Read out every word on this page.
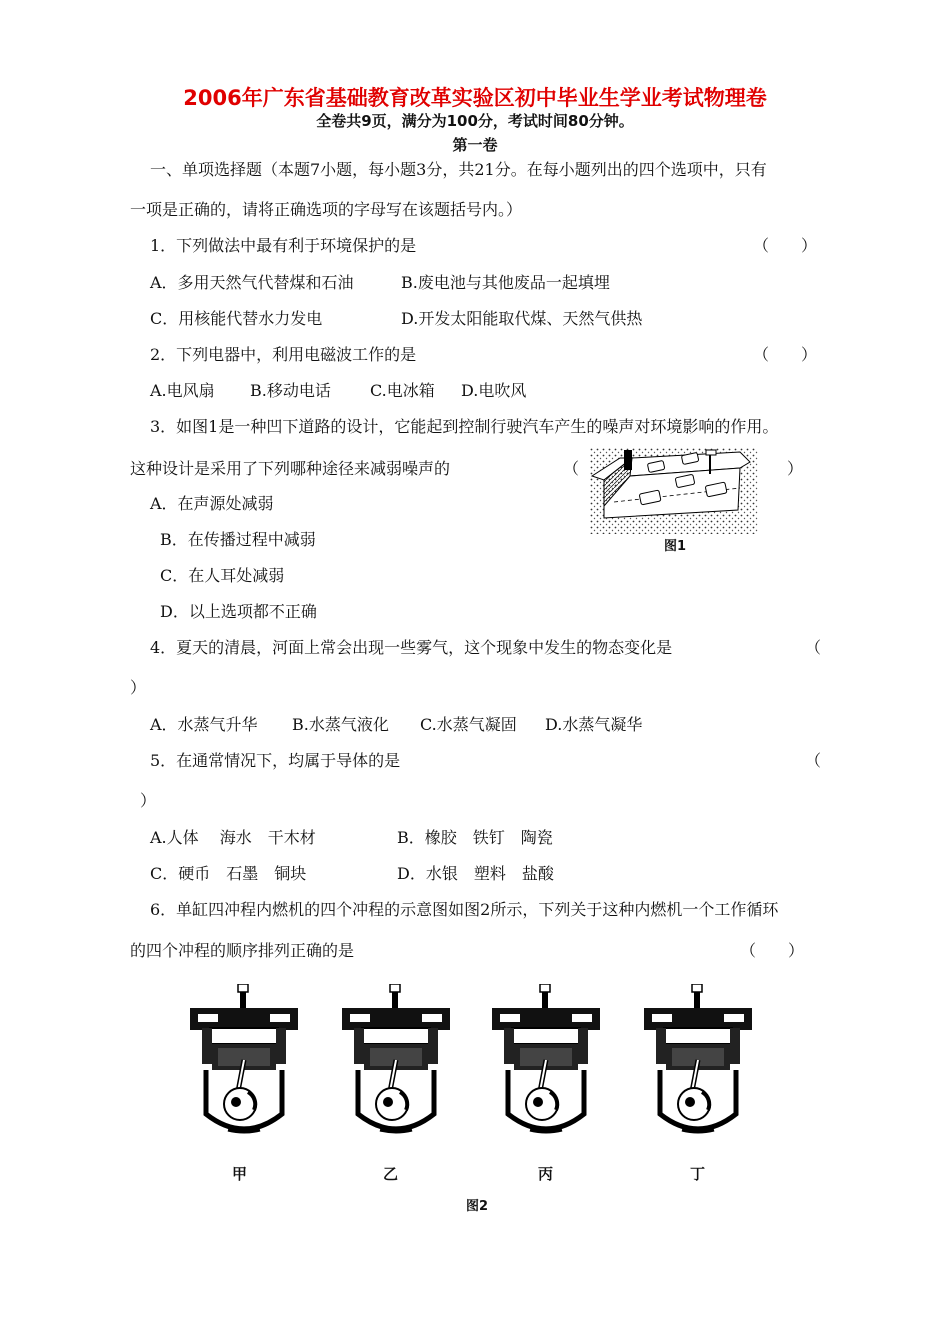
2006年广东省基础教育改革实验区初中毕业生学业考试物理卷
全卷共9页，满分为100分，考试时间80分钟。
第一卷
一、单项选择题（本题7小题，每小题3分，共21分。在每小题列出的四个选项中，只有
一项是正确的，请将正确选项的字母写在该题括号内。）
1．下列做法中最有利于环境保护的是	（　　）
A．多用天然气代替煤和石油	B.废电池与其他废品一起填埋
C．用核能代替水力发电	D.开发太阳能取代煤、天然气供热
2．下列电器中，利用电磁波工作的是	（　　）
A.电风扇 B.移动电话 C.电冰箱 D.电吹风
3．如图1是一种凹下道路的设计，它能起到控制行驶汽车产生的噪声对环境影响的作用。
这种设计是采用了下列哪种途径来减弱噪声的	（	）
图1
A．在声源处减弱
B．在传播过程中减弱
C．在人耳处减弱
D．以上选项都不正确
4．夏天的清晨，河面上常会出现一些雾气，这个现象中发生的物态变化是	（
）
A．水蒸气升华 B.水蒸气液化 C.水蒸气凝固 D.水蒸气凝华
5．在通常情况下，均属于导体的是	（
）
A.人体　 海水　干木材	B．橡胶　铁钉　陶瓷
C．硬币　石墨　铜块	D．水银　塑料　盐酸
6．单缸四冲程内燃机的四个冲程的示意图如图2所示，下列关于这种内燃机一个工作循环
的四个冲程的顺序排列正确的是	（　　）
甲	乙	丙	丁
图2
